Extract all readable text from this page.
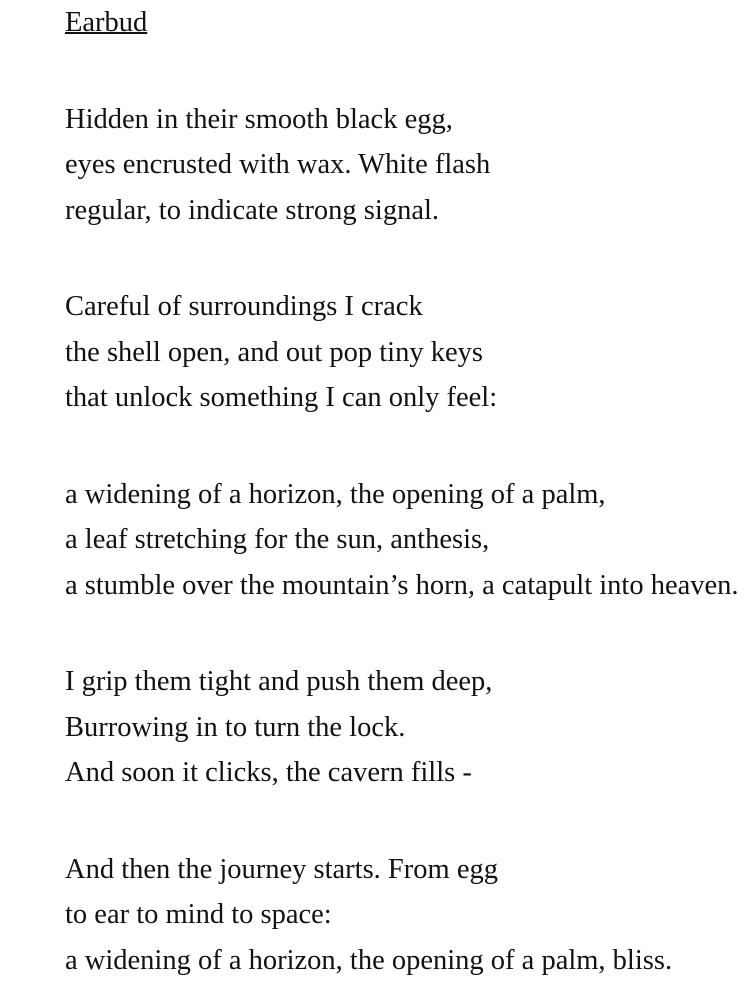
Earbud
Hidden in their smooth black egg,
eyes encrusted with wax. White flash
regular, to indicate strong signal.
Careful of surroundings I crack
the shell open, and out pop tiny keys
that unlock something I can only feel:
a widening of a horizon, the opening of a palm,
a leaf stretching for the sun, anthesis,
a stumble over the mountain’s horn, a catapult into heaven.
I grip them tight and push them deep,
Burrowing in to turn the lock.
And soon it clicks, the cavern fills -
And then the journey starts. From egg
to ear to mind to space:
a widening of a horizon, the opening of a palm, bliss.
